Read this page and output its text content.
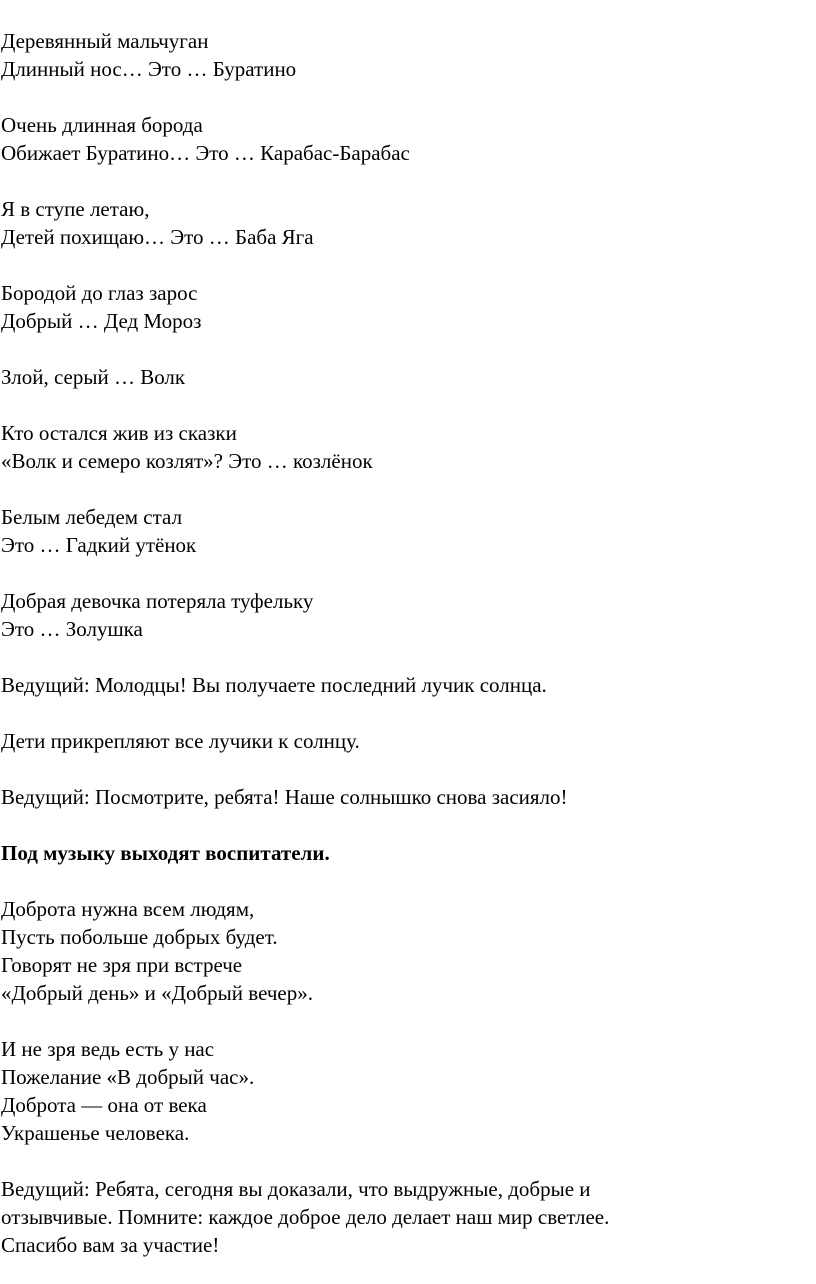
Деревянный мальчуган

Длинный нос… Это … Буратино

Очень длинная борода

Обижает Буратино… Это … Карабас-Барабас

Я в ступе летаю,

Детей похищаю… Это … Баба Яга

Бородой до глаз зарос

Добрый … Дед Мороз

Злой, серый … Волк

Кто остался жив из сказки

«Волк и семеро козлят»? Это … козлёнок

Белым лебедем стал

Это … Гадкий утёнок

Добрая девочка потеряла туфельку

Это … Золушка

Ведущий: Молодцы! Вы получаете последний лучик солнца.

Дети прикрепляют все лучики к солнцу.

Ведущий: Посмотрите, ребята! Наше солнышко снова засияло!

Под музыку выходят воспитатели.

Доброта нужна всем людям,

Пусть побольше добрых будет.

Говорят не зря при встрече

«Добрый день» и «Добрый вечер».

И не зря ведь есть у нас

Пожелание «В добрый час».

Доброта — она от века

Украшенье человека.

Ведущий: Ребята, сегодня вы доказали, что выдружные, добрые и

отзывчивые. Помните: каждое доброе дело делает наш мир светлее.

Спасибо вам за участие!
